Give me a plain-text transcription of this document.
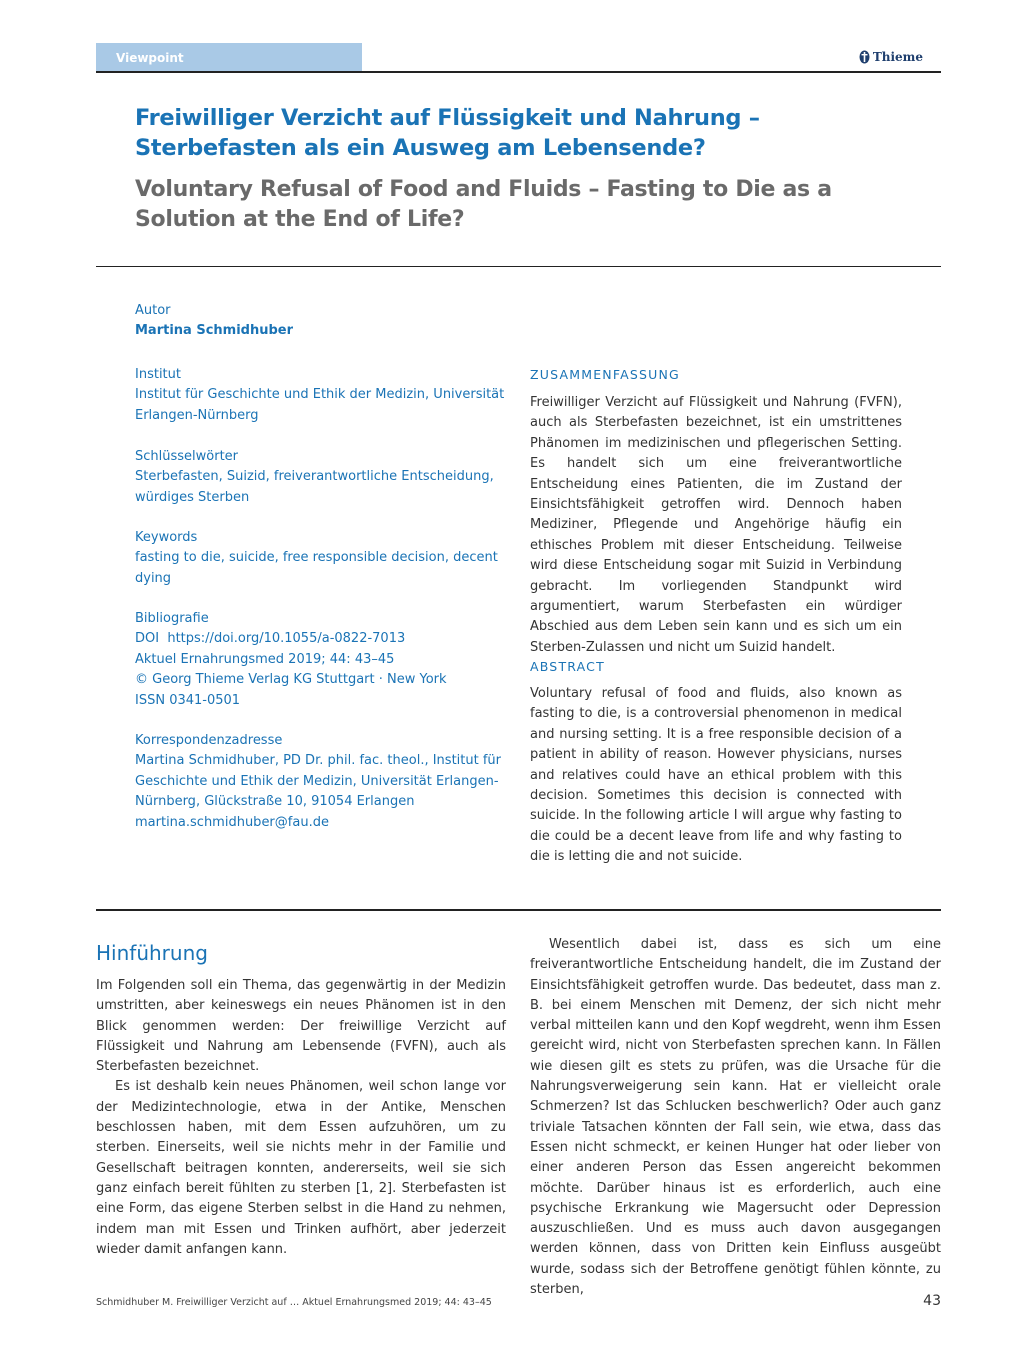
Viewpoint	Thieme
Freiwilliger Verzicht auf Flüssigkeit und Nahrung – Sterbefasten als ein Ausweg am Lebensende?
Voluntary Refusal of Food and Fluids – Fasting to Die as a Solution at the End of Life?
Autor
Martina Schmidhuber
Institut
Institut für Geschichte und Ethik der Medizin, Universität
Erlangen-Nürnberg
Schlüsselwörter
Sterbefasten, Suizid, freiverantwortliche Entscheidung,
würdiges Sterben
Keywords
fasting to die, suicide, free responsible decision, decent
dying
Bibliografie
DOI https://doi.org/10.1055/a-0822-7013
Aktuel Ernahrungsmed 2019; 44: 43–45
© Georg Thieme Verlag KG Stuttgart · New York
ISSN 0341-0501
Korrespondenzadresse
Martina Schmidhuber, PD Dr. phil. fac. theol., Institut für
Geschichte und Ethik der Medizin, Universität Erlangen-
Nürnberg, Glückstraße 10, 91054 Erlangen
martina.schmidhuber@fau.de
ZUSAMMENFASSUNG
Freiwilliger Verzicht auf Flüssigkeit und Nahrung (FVFN), auch als Sterbefasten bezeichnet, ist ein umstrittenes Phänomen im medizinischen und pflegerischen Setting. Es handelt sich um eine freiverantwortliche Entscheidung eines Patienten, die im Zustand der Einsichtsfähigkeit getroffen wird. Dennoch haben Mediziner, Pflegende und Angehörige häufig ein ethisches Problem mit dieser Entscheidung. Teilweise wird diese Entscheidung sogar mit Suizid in Verbindung gebracht. Im vorliegenden Standpunkt wird argumentiert, warum Sterbefasten ein würdiger Abschied aus dem Leben sein kann und es sich um ein Sterben-Zulassen und nicht um Suizid handelt.
ABSTRACT
Voluntary refusal of food and fluids, also known as fasting to die, is a controversial phenomenon in medical and nursing setting. It is a free responsible decision of a patient in ability of reason. However physicians, nurses and relatives could have an ethical problem with this decision. Sometimes this decision is connected with suicide. In the following article I will argue why fasting to die could be a decent leave from life and why fasting to die is letting die and not suicide.
Hinführung

Im Folgenden soll ein Thema, das gegenwärtig in der Medizin umstritten, aber keineswegs ein neues Phänomen ist in den Blick genommen werden: Der freiwillige Verzicht auf Flüssigkeit und Nahrung am Lebensende (FVFN), auch als Sterbefasten bezeichnet.

Es ist deshalb kein neues Phänomen, weil schon lange vor der Medizintechnologie, etwa in der Antike, Menschen beschlossen haben, mit dem Essen aufzuhören, um zu sterben. Einerseits, weil sie nichts mehr in der Familie und Gesellschaft beitragen konnten, andererseits, weil sie sich ganz einfach bereit fühlten zu sterben [1, 2]. Sterbefasten ist eine Form, das eigene Sterben selbst in die Hand zu nehmen, indem man mit Essen und Trinken aufhört, aber jederzeit wieder damit anfangen kann.

Wesentlich dabei ist, dass es sich um eine freiverantwortliche Entscheidung handelt, die im Zustand der Einsichtsfähigkeit getroffen wurde. Das bedeutet, dass man z. B. bei einem Menschen mit Demenz, der sich nicht mehr verbal mitteilen kann und den Kopf wegdreht, wenn ihm Essen gereicht wird, nicht von Sterbefasten sprechen kann. In Fällen wie diesen gilt es stets zu prüfen, was die Ursache für die Nahrungsverweigerung sein kann. Hat er vielleicht orale Schmerzen? Ist das Schlucken beschwerlich? Oder auch ganz triviale Tatsachen könnten der Fall sein, wie etwa, dass das Essen nicht schmeckt, er keinen Hunger hat oder lieber von einer anderen Person das Essen angereicht bekommen möchte. Darüber hinaus ist es erforderlich, auch eine psychische Erkrankung wie Magersucht oder Depression auszuschließen. Und es muss auch davon ausgegangen werden können, dass von Dritten kein Einfluss ausgeübt wurde, sodass sich der Betroffene genötigt fühlen könnte, zu sterben,

Schmidhuber M. Freiwilliger Verzicht auf … Aktuel Ernahrungsmed 2019; 44: 43–45	43
